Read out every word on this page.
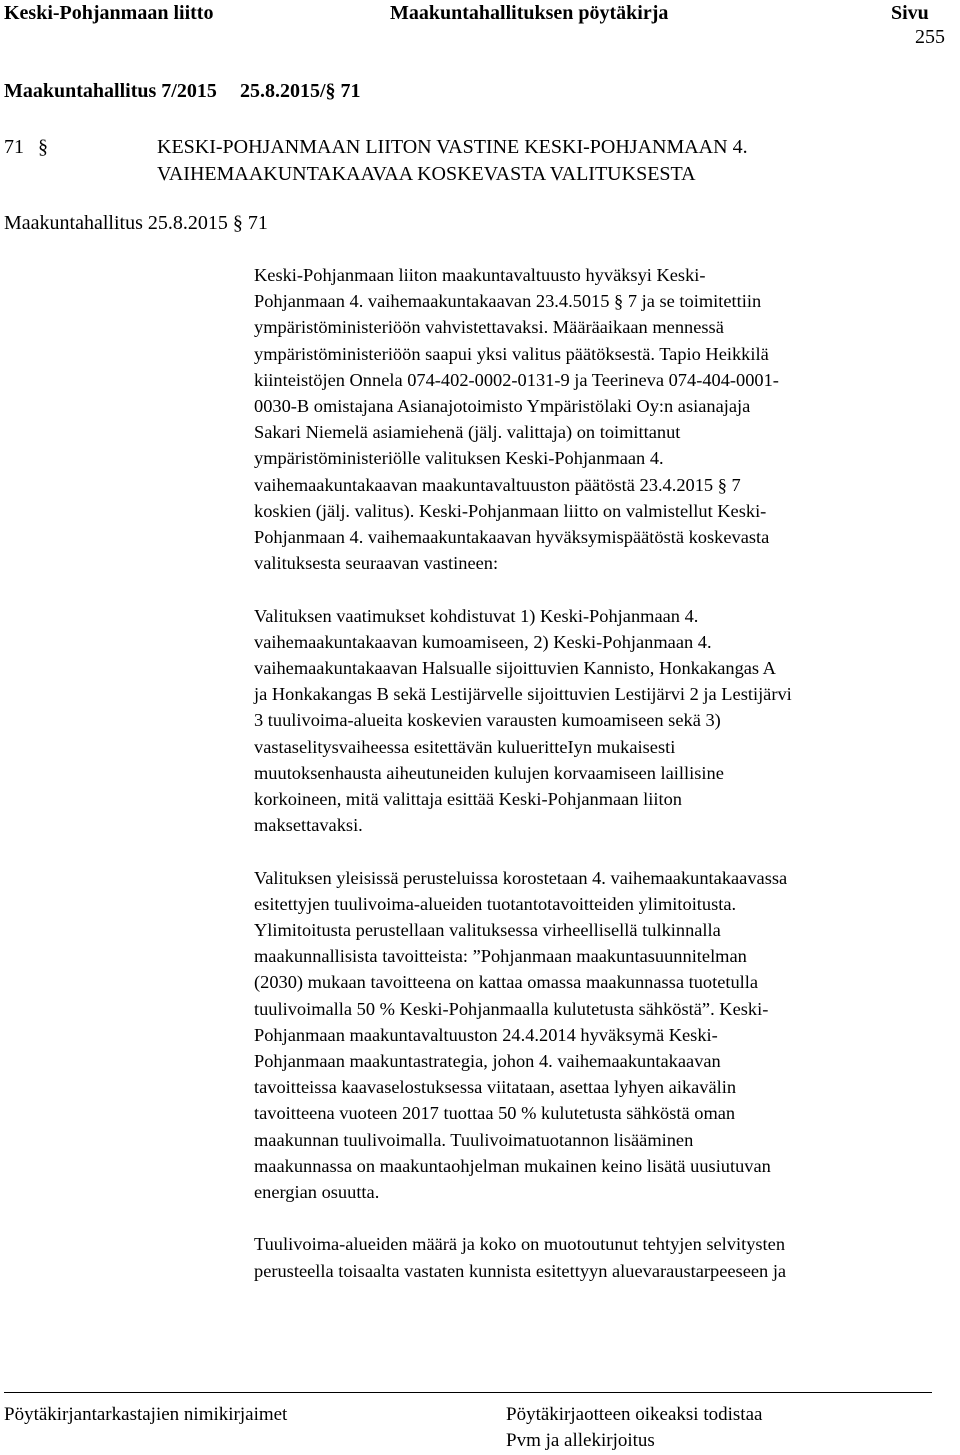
Keski-Pohjanmaan liitto	Maakuntahallituksen pöytäkirja	Sivu
255
Maakuntahallitus 7/2015 25.8.2015/§ 71
71 §	KESKI-POHJANMAAN LIITON VASTINE KESKI-POHJANMAAN 4.
VAIHEMAAKUNTAKAAVAA KOSKEVASTA VALITUKSESTA
Maakuntahallitus 25.8.2015 § 71

Keski-Pohjanmaan liiton maakuntavaltuusto hyväksyi Keski-
Pohjanmaan 4. vaihemaakuntakaavan 23.4.5015 § 7 ja se toimitettiin
ympäristöministeriöön vahvistettavaksi. Määräaikaan mennessä
ympäristöministeriöön saapui yksi valitus päätöksestä. Tapio Heikkilä
kiinteistöjen Onnela 074-402-0002-0131-9 ja Teerineva 074-404-0001-
0030-B omistajana Asianajotoimisto Ympäristölaki Oy:n asianajaja
Sakari Niemelä asiamiehenä (jälj. valittaja) on toimittanut
ympäristöministeriölle valituksen Keski-Pohjanmaan 4.
vaihemaakuntakaavan maakuntavaltuuston päätöstä 23.4.2015 § 7
koskien (jälj. valitus). Keski-Pohjanmaan liitto on valmistellut Keski-
Pohjanmaan 4. vaihemaakuntakaavan hyväksymispäätöstä koskevasta
valituksesta seuraavan vastineen:

Valituksen vaatimukset kohdistuvat 1) Keski-Pohjanmaan 4.
vaihemaakuntakaavan kumoamiseen, 2) Keski-Pohjanmaan 4.
vaihemaakuntakaavan Halsualle sijoittuvien Kannisto, Honkakangas A
ja Honkakangas B sekä Lestijärvelle sijoittuvien Lestijärvi 2 ja Lestijärvi
3 tuulivoima-alueita koskevien varausten kumoamiseen sekä 3)
vastaselitysvaiheessa esitettävän kulueritteIyn mukaisesti
muutoksenhausta aiheutuneiden kulujen korvaamiseen laillisine
korkoineen, mitä valittaja esittää Keski-Pohjanmaan liiton
maksettavaksi.

Valituksen yleisissä perusteluissa korostetaan 4. vaihemaakuntakaavassa
esitettyjen tuulivoima-alueiden tuotantotavoitteiden ylimitoitusta.
Ylimitoitusta perustellaan valituksessa virheellisellä tulkinnalla
maakunnallisista tavoitteista: ”Pohjanmaan maakuntasuunnitelman
(2030) mukaan tavoitteena on kattaa omassa maakunnassa tuotetulla
tuulivoimalla 50 % Keski-Pohjanmaalla kulutetusta sähköstä”. Keski-
Pohjanmaan maakuntavaltuuston 24.4.2014 hyväksymä Keski-
Pohjanmaan maakuntastrategia, johon 4. vaihemaakuntakaavan
tavoitteissa kaavaselostuksessa viitataan, asettaa lyhyen aikavälin
tavoitteena vuoteen 2017 tuottaa 50 % kulutetusta sähköstä oman
maakunnan tuulivoimalla. Tuulivoimatuotannon lisääminen
maakunnassa on maakuntaohjelman mukainen keino lisätä uusiutuvan
energian osuutta.

Tuulivoima-alueiden määrä ja koko on muotoutunut tehtyjen selvitysten
perusteella toisaalta vastaten kunnista esitettyyn aluevaraustarpeeseen ja

Pöytäkirjantarkastajien nimikirjaimet	Pöytäkirjaotteen oikeaksi todistaa
Pvm ja allekirjoitus
